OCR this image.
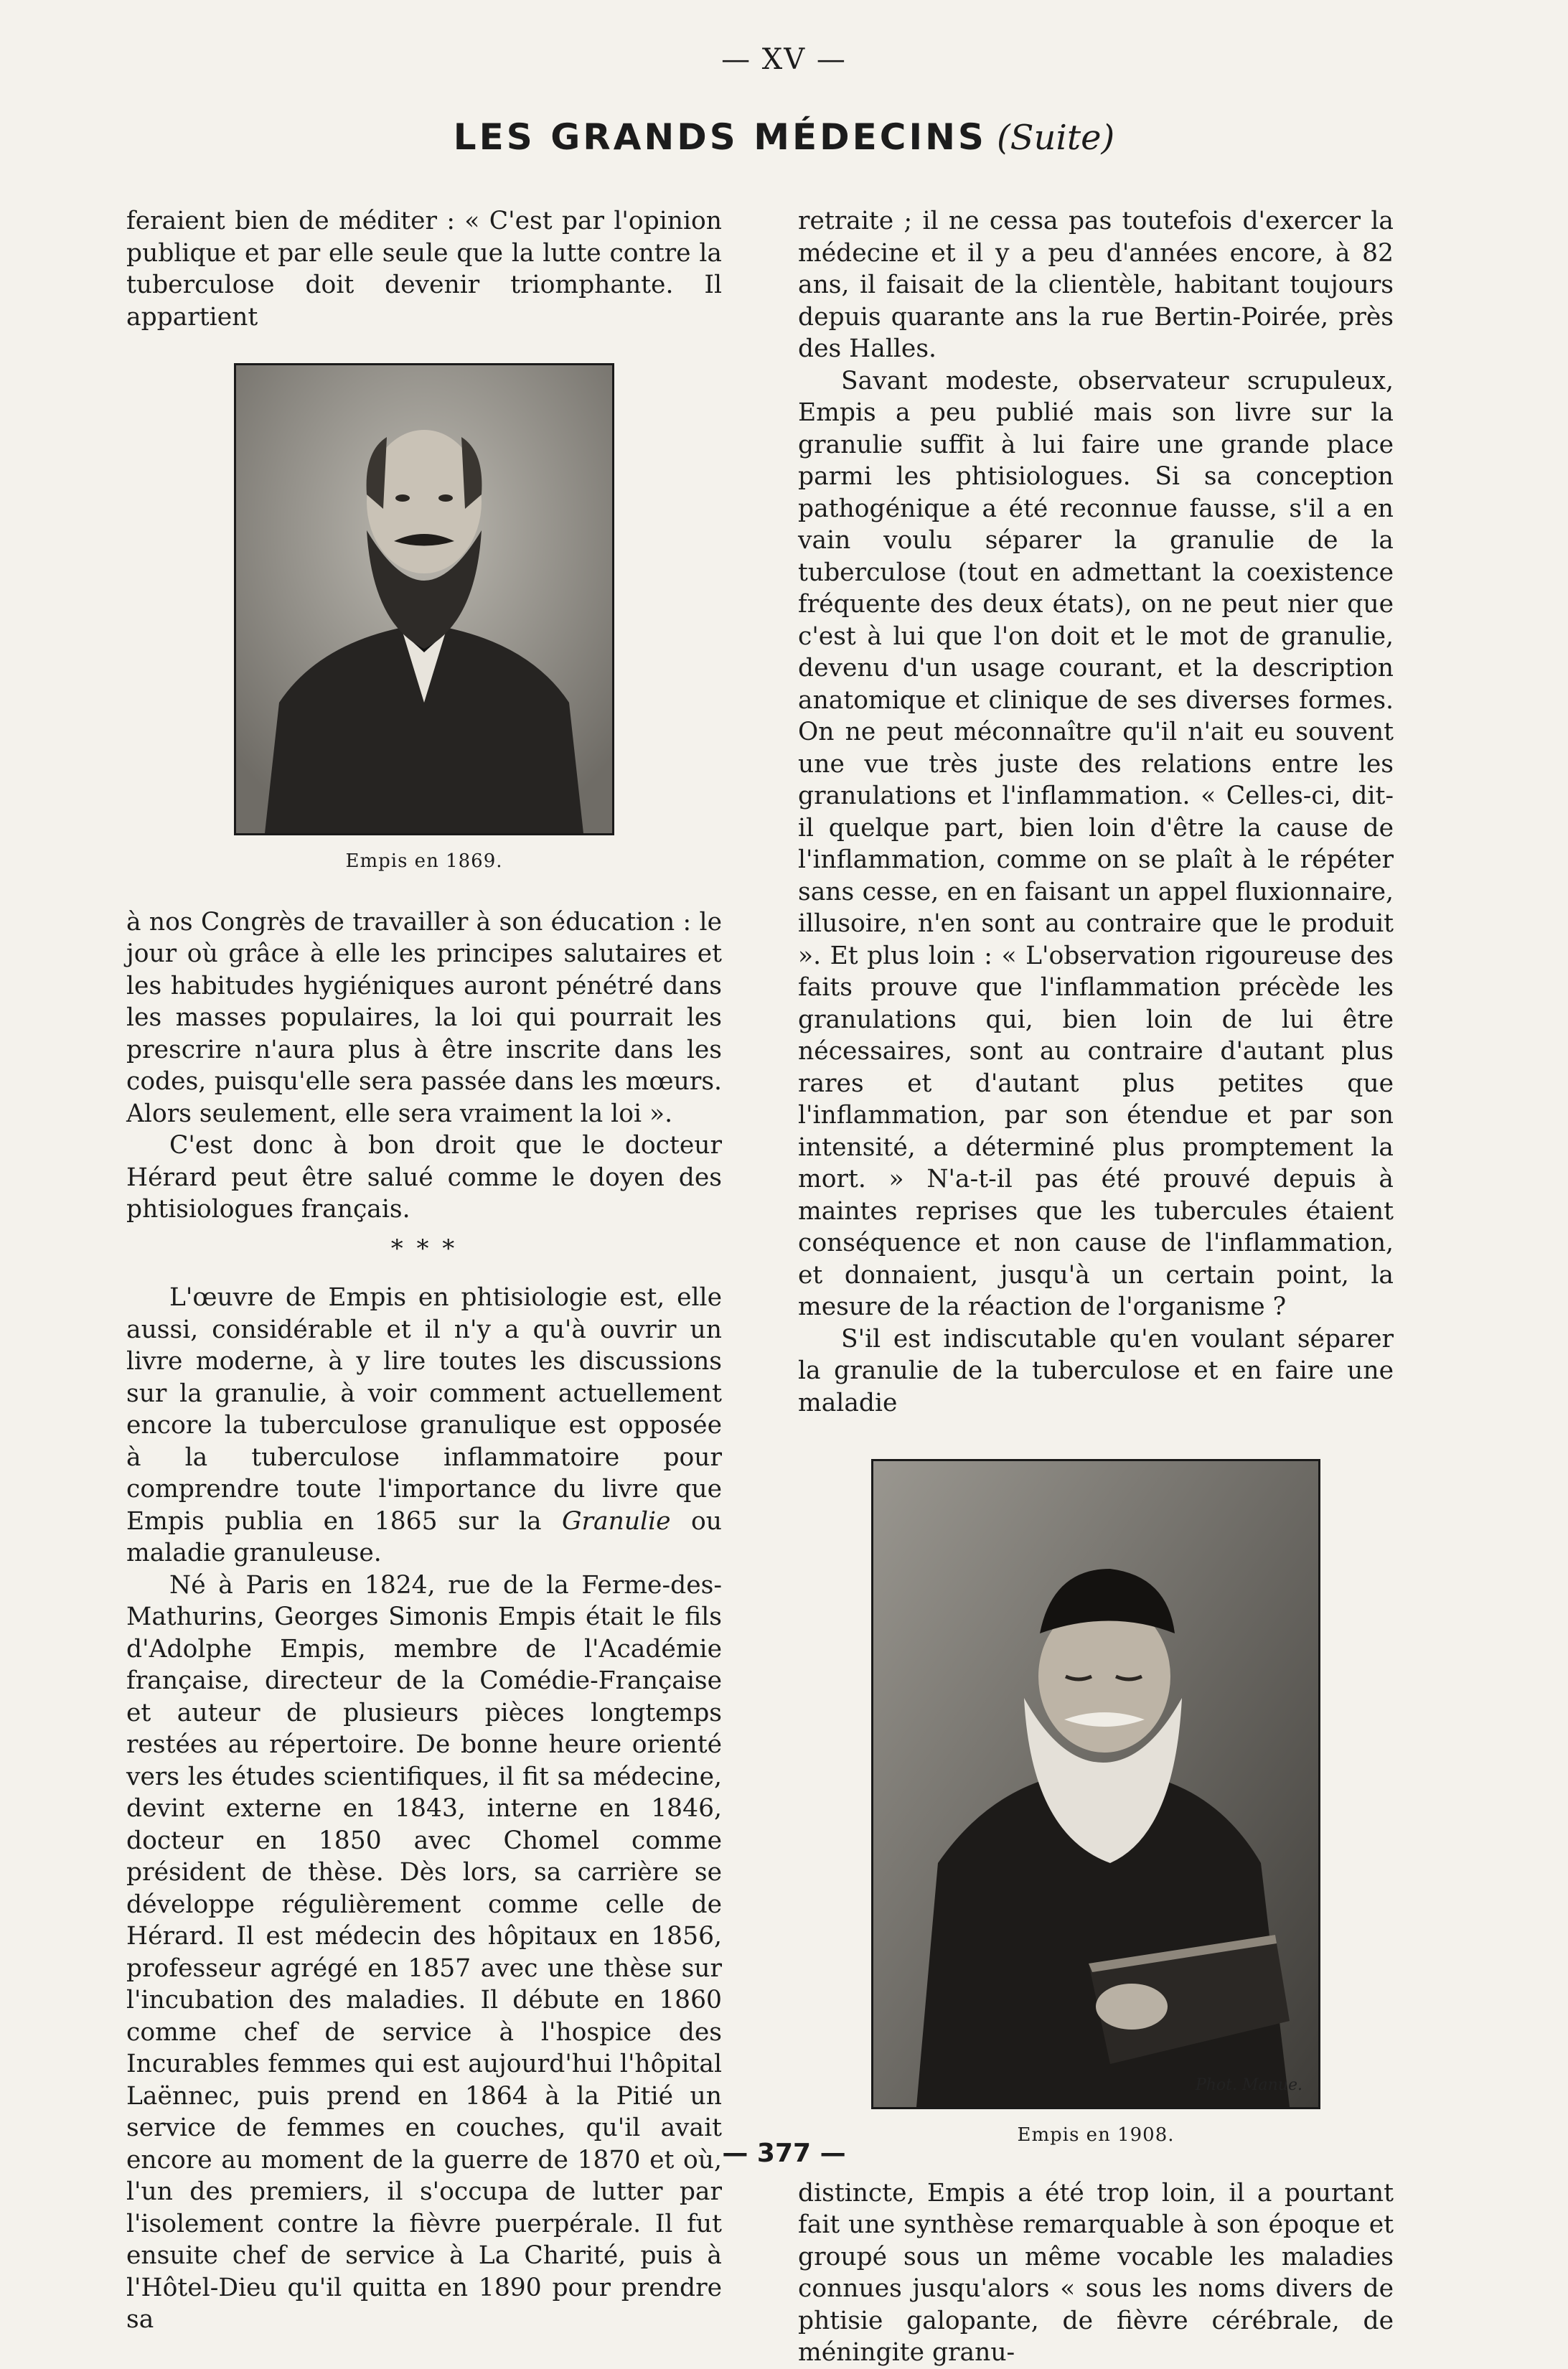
— XV —
LES GRANDS MÉDECINS (Suite)

feraient bien de méditer : « C'est par l'opinion publique et par elle seule que la lutte contre la tuberculose doit devenir triomphante. Il appartient

Empis en 1869.

à nos Congrès de travailler à son éducation : le jour où grâce à elle les principes salutaires et les habitudes hygiéniques auront pénétré dans les masses populaires, la loi qui pourrait les prescrire n'aura plus à être inscrite dans les codes, puisqu'elle sera passée dans les mœurs. Alors seulement, elle sera vraiment la loi ».

C'est donc à bon droit que le docteur Hérard peut être salué comme le doyen des phtisiologues français.

* * *

L'œuvre de Empis en phtisiologie est, elle aussi, considérable et il n'y a qu'à ouvrir un livre moderne, à y lire toutes les discussions sur la granulie, à voir comment actuellement encore la tuberculose granulique est opposée à la tuberculose inflammatoire pour comprendre toute l'importance du livre que Empis publia en 1865 sur la Granulie ou maladie granuleuse.

Né à Paris en 1824, rue de la Ferme-des-Mathurins, Georges Simonis Empis était le fils d'Adolphe Empis, membre de l'Académie française, directeur de la Comédie-Française et auteur de plusieurs pièces longtemps restées au répertoire. De bonne heure orienté vers les études scientifiques, il fit sa médecine, devint externe en 1843, interne en 1846, docteur en 1850 avec Chomel comme président de thèse. Dès lors, sa carrière se développe régulièrement comme celle de Hérard. Il est médecin des hôpitaux en 1856, professeur agrégé en 1857 avec une thèse sur l'incubation des maladies. Il débute en 1860 comme chef de service à l'hospice des Incurables femmes qui est aujourd'hui l'hôpital Laënnec, puis prend en 1864 à la Pitié un service de femmes en couches, qu'il avait encore au moment de la guerre de 1870 et où, l'un des premiers, il s'occupa de lutter par l'isolement contre la fièvre puerpérale. Il fut ensuite chef de service à La Charité, puis à l'Hôtel-Dieu qu'il quitta en 1890 pour prendre sa

retraite ; il ne cessa pas toutefois d'exercer la médecine et il y a peu d'années encore, à 82 ans, il faisait de la clientèle, habitant toujours depuis quarante ans la rue Bertin-Poirée, près des Halles.

Savant modeste, observateur scrupuleux, Empis a peu publié mais son livre sur la granulie suffit à lui faire une grande place parmi les phtisiologues. Si sa conception pathogénique a été reconnue fausse, s'il a en vain voulu séparer la granulie de la tuberculose (tout en admettant la coexistence fréquente des deux états), on ne peut nier que c'est à lui que l'on doit et le mot de granulie, devenu d'un usage courant, et la description anatomique et clinique de ses diverses formes. On ne peut méconnaître qu'il n'ait eu souvent une vue très juste des relations entre les granulations et l'inflammation. « Celles-ci, dit-il quelque part, bien loin d'être la cause de l'inflammation, comme on se plaît à le répéter sans cesse, en en faisant un appel fluxionnaire, illusoire, n'en sont au contraire que le produit ». Et plus loin : « L'observation rigoureuse des faits prouve que l'inflammation précède les granulations qui, bien loin de lui être nécessaires, sont au contraire d'autant plus rares et d'autant plus petites que l'inflammation, par son étendue et par son intensité, a déterminé plus promptement la mort. » N'a-t-il pas été prouvé depuis à maintes reprises que les tubercules étaient conséquence et non cause de l'inflammation, et donnaient, jusqu'à un certain point, la mesure de la réaction de l'organisme ?

S'il est indiscutable qu'en voulant séparer la granulie de la tuberculose et en faire une maladie

Phot. Manue.
Empis en 1908.

distincte, Empis a été trop loin, il a pourtant fait une synthèse remarquable à son époque et groupé sous un même vocable les maladies connues jusqu'alors « sous les noms divers de phtisie galopante, de fièvre cérébrale, de méningite granu-

— 377 —
